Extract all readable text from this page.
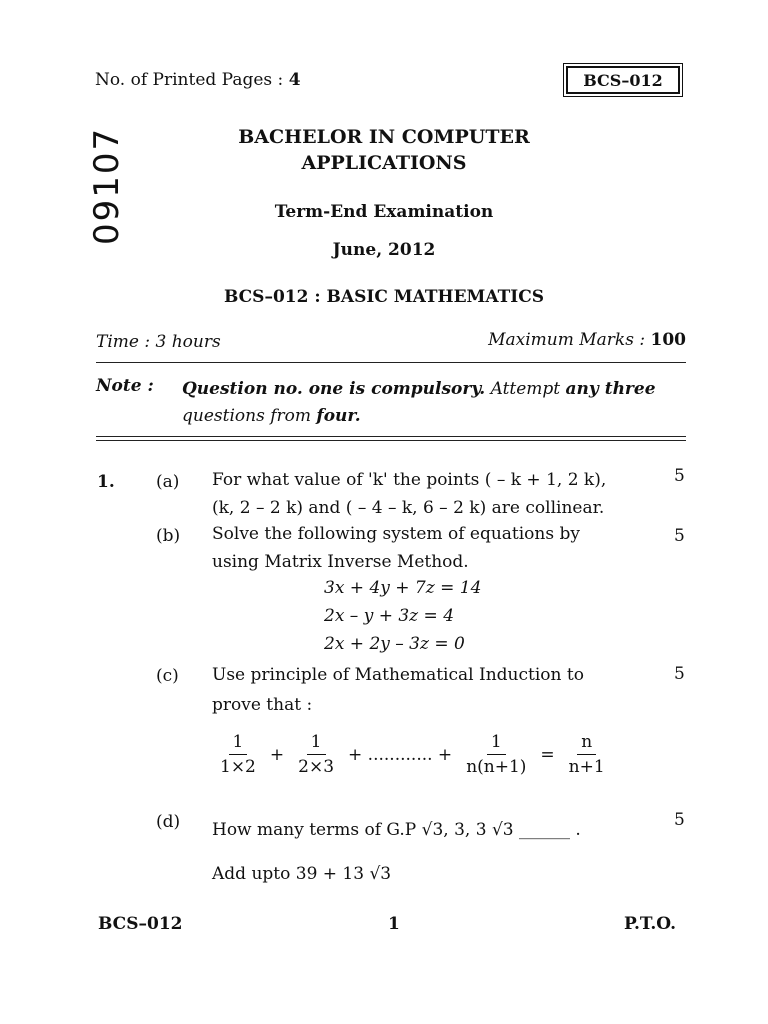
No. of Printed Pages : 4	BCS–012
09107	BACHELOR IN COMPUTER
APPLICATIONS
Term-End Examination
June, 2012
BCS–012 : BASIC MATHEMATICS
Time : 3 hours	Maximum Marks : 100
Note : Question no. one is compulsory. Attempt any three
questions from four.
1. (a) For what value of 'k' the points ( – k + 1, 2 k),
(k, 2 – 2 k) and ( – 4 – k, 6 – 2 k) are collinear.
5
(b) Solve the following system of equations by
using Matrix Inverse Method.
5
3x + 4y + 7z = 14
2x – y + 3z = 4
2x + 2y – 3z = 0
(c) Use principle of Mathematical Induction to
prove that :
5
$\frac{1}{1\times 2} + \frac{1}{2\times 3}$ + ............ + $\frac{1}{n(n+1)} = \frac{n}{n+1}$
(d) How many terms of G.P √3, 3, 3 √3 ______ .
Add upto 39 + 13 √3
5
BCS–012	1	P.T.O.
